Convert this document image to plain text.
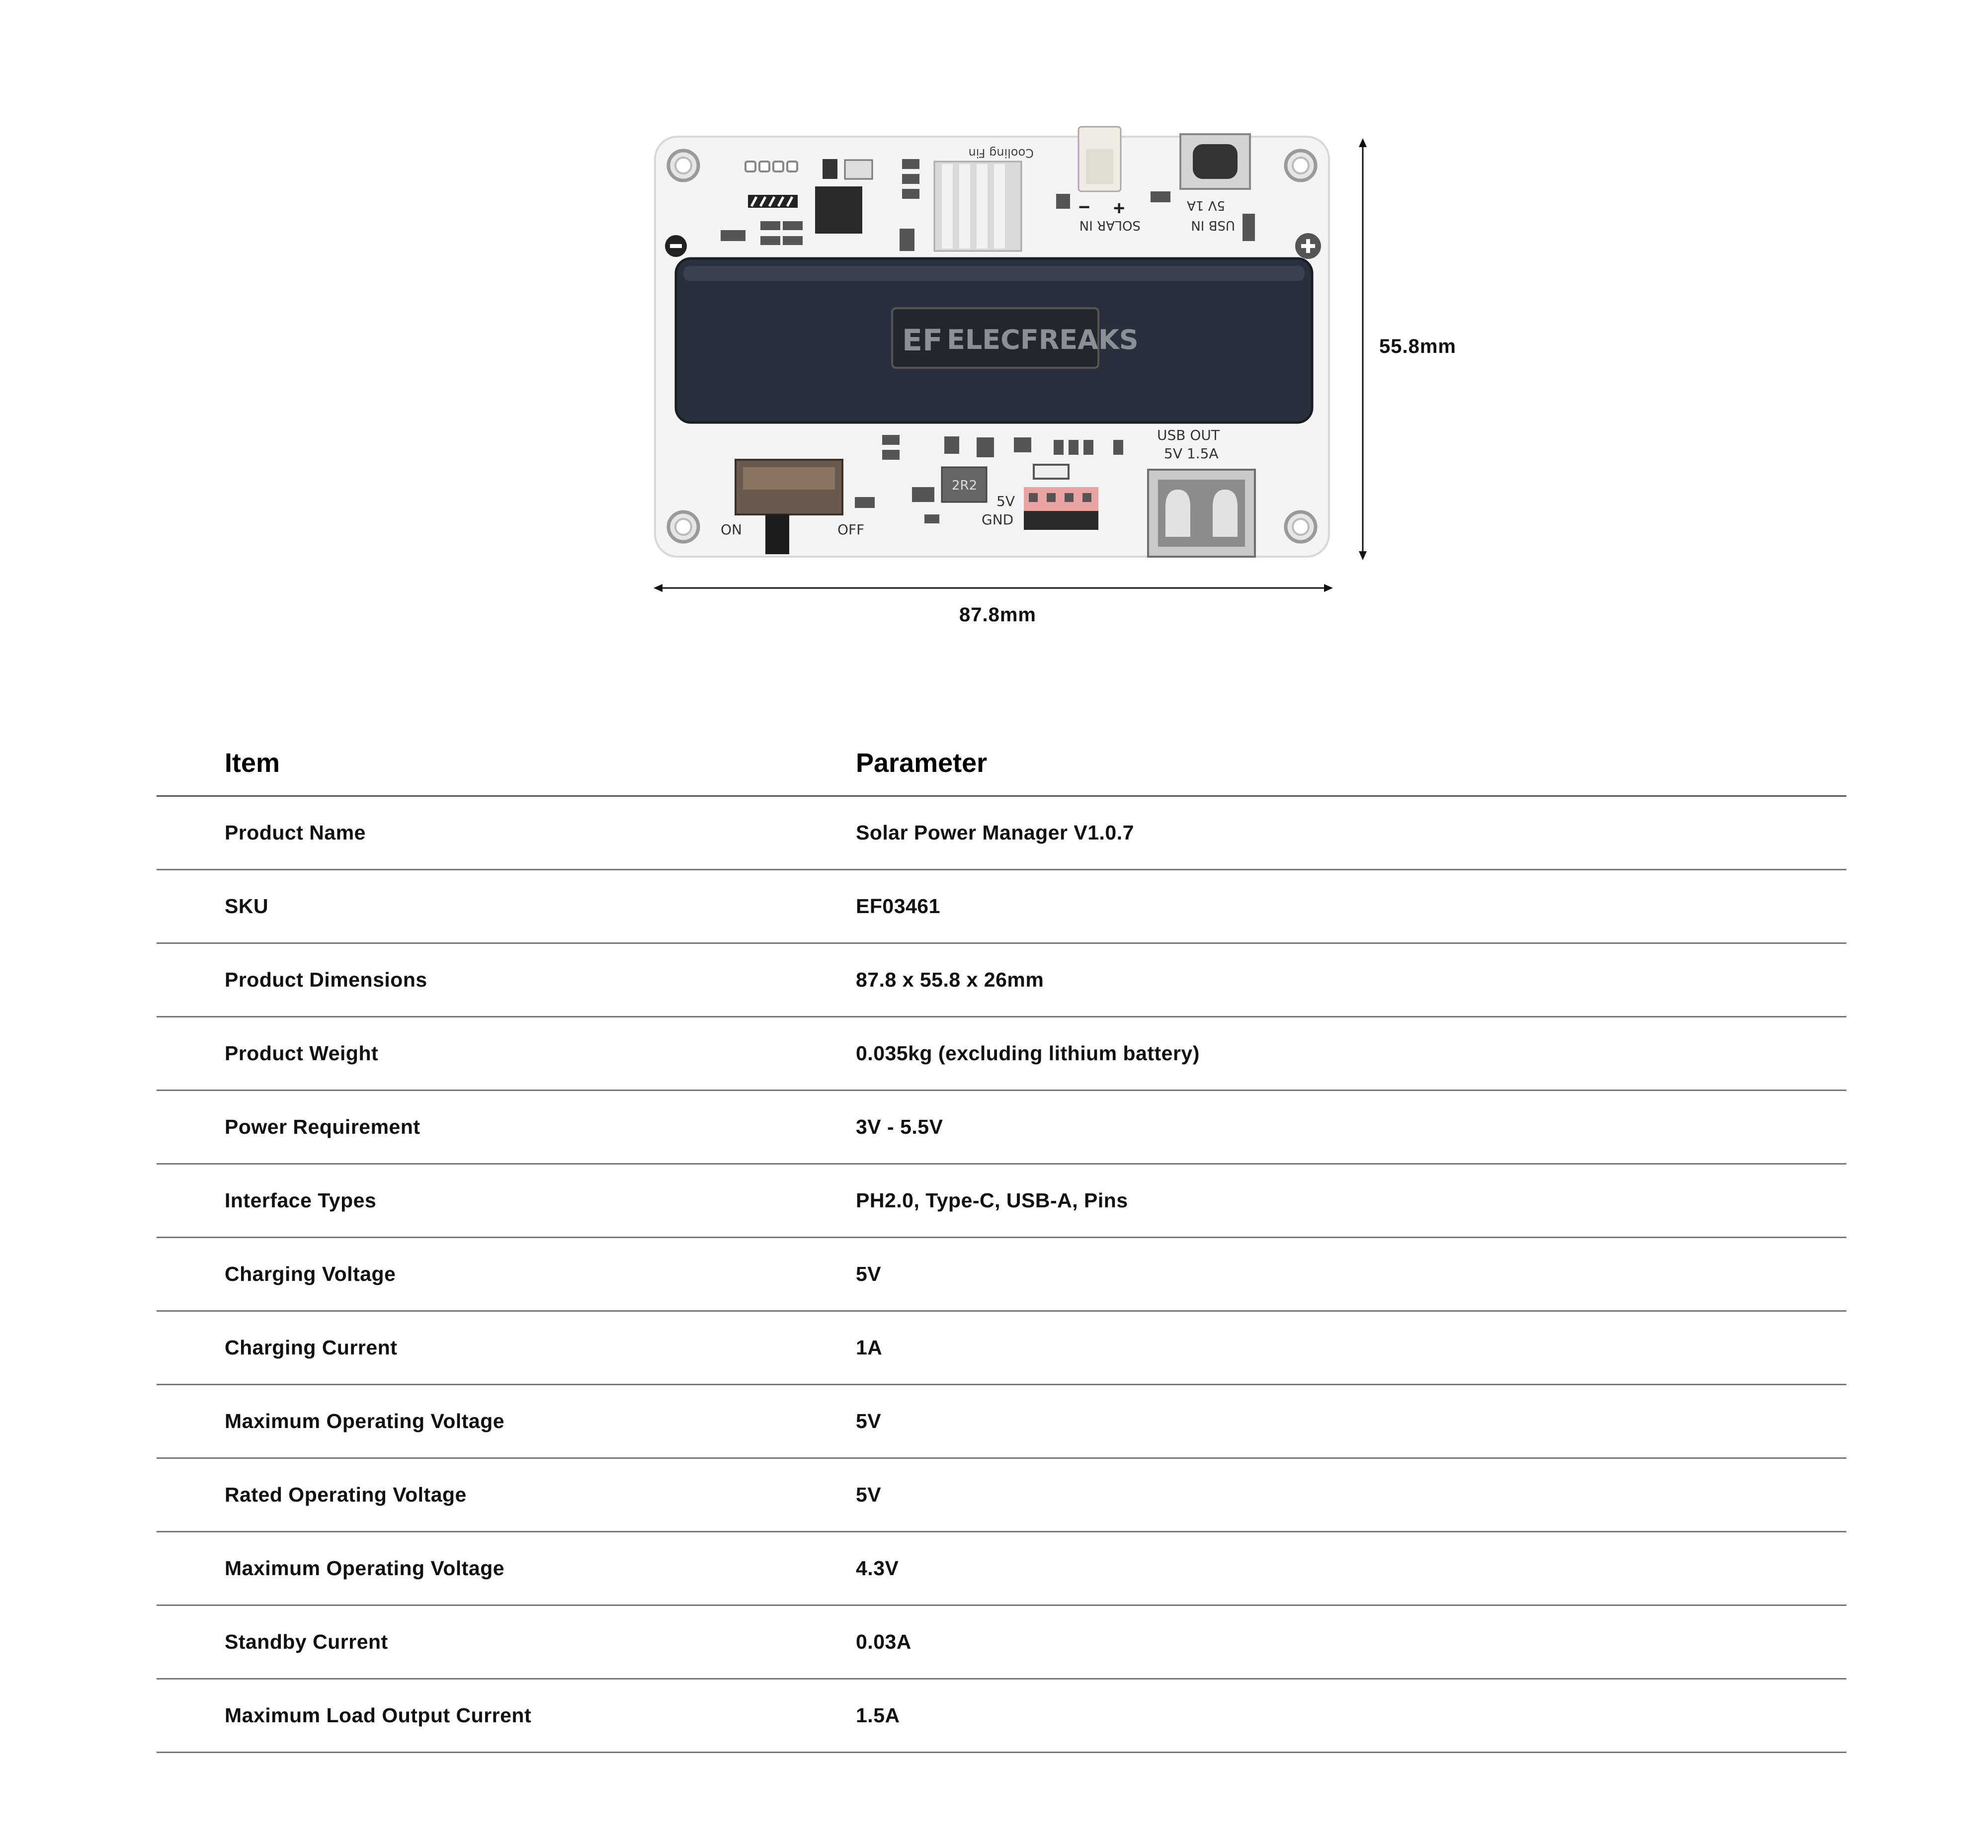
Cooling Fin
+
−
SOLAR IN
5V 1A
USB IN
EF ELECFREAKS
2R2
5V
GND
ON	OFF
USB OUT
5V 1.5A
87.8mm
55.8mm
Item	Parameter
Product Name	Solar Power Manager V1.0.7
SKU	EF03461
Product Dimensions	87.8 x 55.8 x 26mm
Product Weight	0.035kg (excluding lithium battery)
Power Requirement	3V - 5.5V
Interface Types	PH2.0, Type-C, USB-A, Pins
Charging Voltage	5V
Charging Current	1A
Maximum Operating Voltage	5V
Rated Operating Voltage	5V
Maximum Operating Voltage	4.3V
Standby Current	0.03A
Maximum Load Output Current	1.5A
